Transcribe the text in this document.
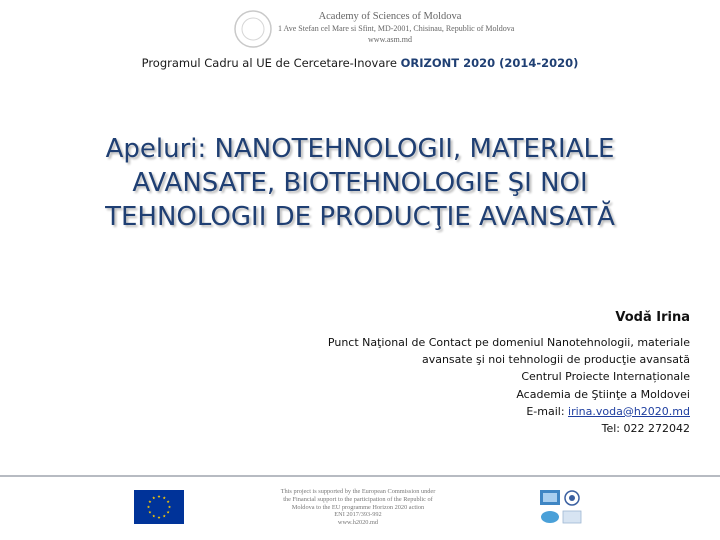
Academy of Sciences of Moldova
1 Ave Stefan cel Mare si Sfint, MD-2001, Chisinau, Republic of Moldova
www.asm.md
Programul Cadru al UE de Cercetare-Inovare ORIZONT 2020 (2014-2020)
Apeluri: NANOTEHNOLOGII, MATERIALE
AVANSATE, BIOTEHNOLOGIE ŞI NOI
TEHNOLOGII DE PRODUCŢIE AVANSATĂ
Vodă Irina
Punct Naţional de Contact pe domeniul Nanotehnologii, materiale
avansate şi noi tehnologii de producţie avansată
Centrul Proiecte Internaționale
Academia de Ştiinţe a Moldovei
E-mail: irina.voda@h2020.md
Tel: 022 272042
This project is supported by the European Commission under
the Financial support to the participation of the Republic of
Moldova to the EU programme Horizon 2020 action
ENI 2017/393-992
www.h2020.md
